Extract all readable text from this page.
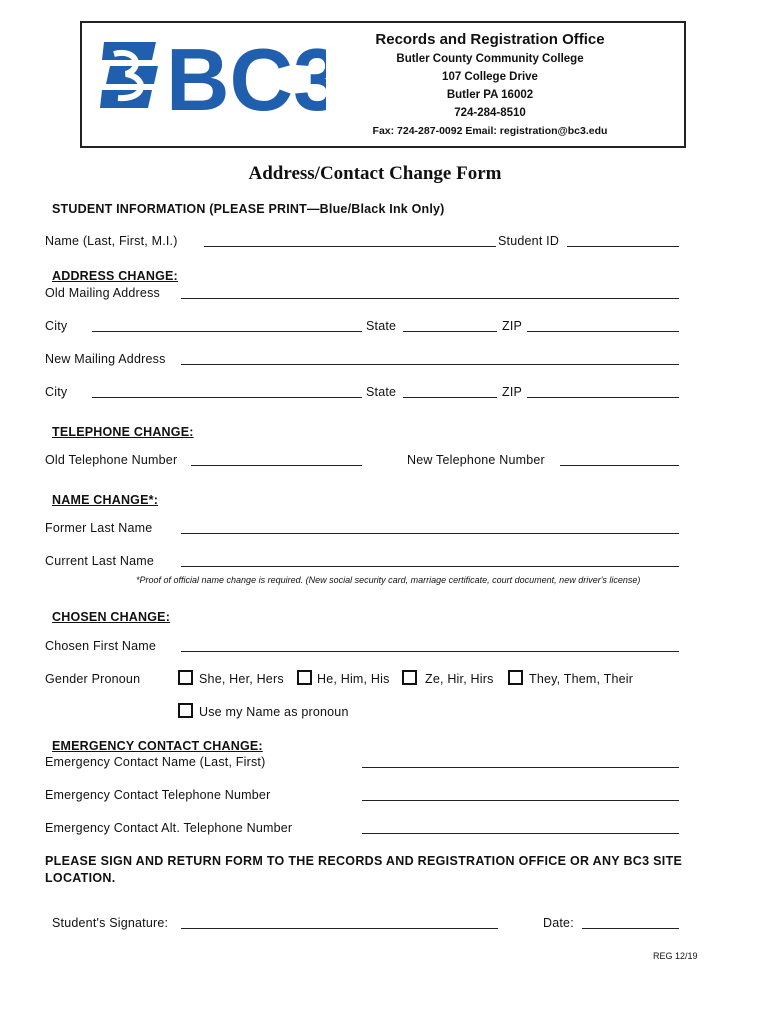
BC3	Records and Registration Office
Butler County Community College
107 College Drive
Butler PA 16002
724-284-8510
Fax: 724-287-0092 Email: registration@bc3.edu
Address/Contact Change Form
STUDENT INFORMATION (PLEASE PRINT—Blue/Black Ink Only)
Name (Last, First, M.I.)	Student ID
ADDRESS CHANGE:
Old Mailing Address
City	State	ZIP
New Mailing Address
City	State	ZIP
TELEPHONE CHANGE:
Old Telephone Number	New Telephone Number
NAME CHANGE*:
Former Last Name
Current Last Name
*Proof of official name change is required. (New social security card, marriage certificate, court document, new driver's license)
CHOSEN CHANGE:
Chosen First Name
Gender Pronoun	She, Her, Hers	He, Him, His	Ze, Hir, Hirs	They, Them, Their
Use my Name as pronoun
EMERGENCY CONTACT CHANGE:
Emergency Contact Name (Last, First)
Emergency Contact Telephone Number
Emergency Contact Alt. Telephone Number
PLEASE SIGN AND RETURN FORM TO THE RECORDS AND REGISTRATION OFFICE OR ANY BC3 SITE LOCATION.
Student's Signature:	Date:
REG 12/19
